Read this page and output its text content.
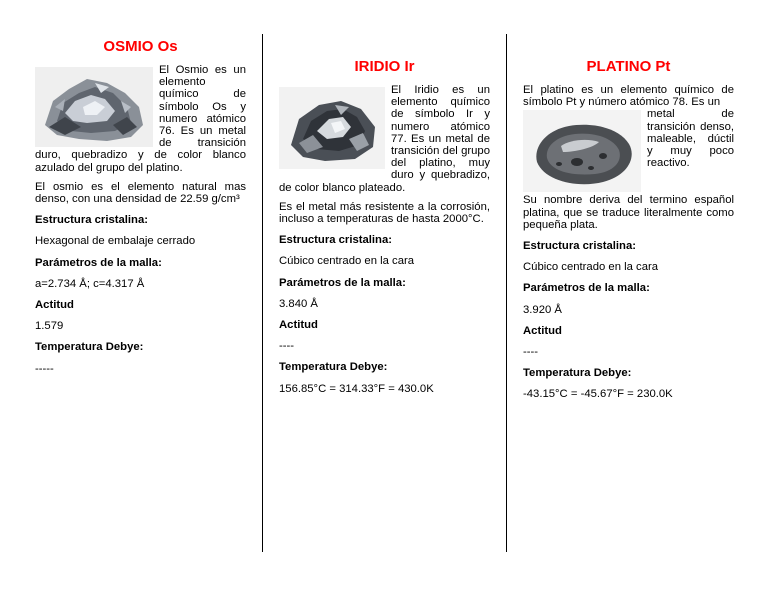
OSMIO Os

El Osmio es un elemento químico de símbolo Os y numero atómico 76. Es un metal de transición duro, quebradizo y de color blanco azulado del grupo del platino.

El osmio es el elemento natural mas denso, con una densidad de 22.59 g/cm³

Estructura cristalina:
Hexagonal de embalaje cerrado
Parámetros de la malla:
a=2.734 Å; c=4.317 Å
Actitud
1.579
Temperatura Debye:
-----
IRIDIO Ir

El Iridio es un elemento químico de símbolo Ir y numero atómico 77. Es un metal de transición del grupo del platino, muy duro y quebradizo, de color blanco plateado.

Es el metal más resistente a la corrosión, incluso a temperaturas de hasta 2000°C.

Estructura cristalina:
Cúbico centrado en la cara
Parámetros de la malla:
3.840 Å
Actitud
----
Temperatura Debye:
156.85°C = 314.33°F = 430.0K
PLATINO Pt

El platino es un elemento químico de símbolo Pt y número atómico 78. Es un

metal de transición denso, maleable, dúctil y muy poco reactivo.

Su nombre deriva del termino español platina, que se traduce literalmente como pequeña plata.

Estructura cristalina:
Cúbico centrado en la cara
Parámetros de la malla:
3.920 Å
Actitud
----
Temperatura Debye:
-43.15°C = -45.67°F = 230.0K
